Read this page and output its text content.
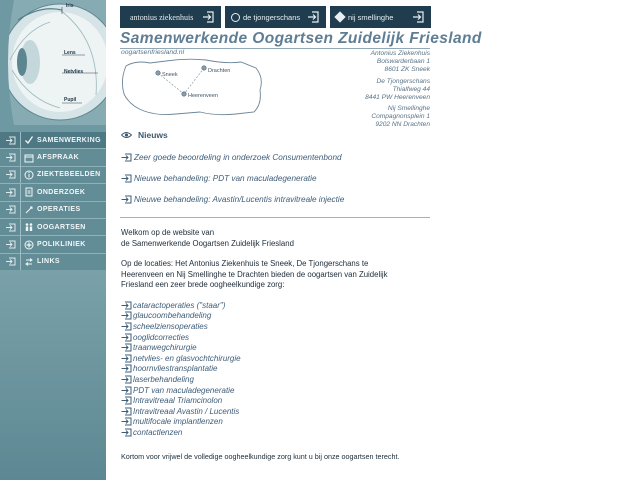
Iris
Lens
Netvlies
Pupil
SAMENWERKING
AFSPRAAK
ZIEKTEBEELDEN
ONDERZOEK
OPERATIES
OOGARTSEN
POLIKLINIEK
LINKS
antonius ziekenhuis	de tjongerschans	nij smellinghe
Samenwerkende Oogartsen Zuidelijk Friesland
oogartsenfriesland.nl
Sneek
Drachten
Heerenveen
Antonius Ziekenhuis
Bolswarderbaan 1
8601 ZK Sneek
De Tjongerschans
Thialfweg 44
8441 PW Heerenveen
Nij Smellinghe
Compagnonsplein 1
9202 NN Drachten
Nieuws
Zeer goede beoordeling in onderzoek Consumentenbond
Nieuwe behandeling: PDT van maculadegeneratie
Nieuwe behandeling: Avastin/Lucentis intravitreale injectie
Welkom op de website van
de Samenwerkende Oogartsen Zuidelijk Friesland
Op de locaties: Het Antonius Ziekenhuis te Sneek, De Tjongerschans te
Heerenveen en Nij Smellinghe te Drachten bieden de oogartsen van Zuidelijk
Friesland een zeer brede oogheelkundige zorg:
cataractoperaties ("staar")
glaucoombehandeling
scheelziensoperaties
ooglidcorrecties
traanwegchirurgie
netvlies- en glasvochtchirurgie
hoornvliestransplantatie
laserbehandeling
PDT van maculadegeneratie
Intravitreaal Triamcinolon
Intravitreaal Avastin / Lucentis
multifocale implantlenzen
contactlenzen
Kortom voor vrijwel de volledige oogheelkundige zorg kunt u bij onze oogartsen terecht.
